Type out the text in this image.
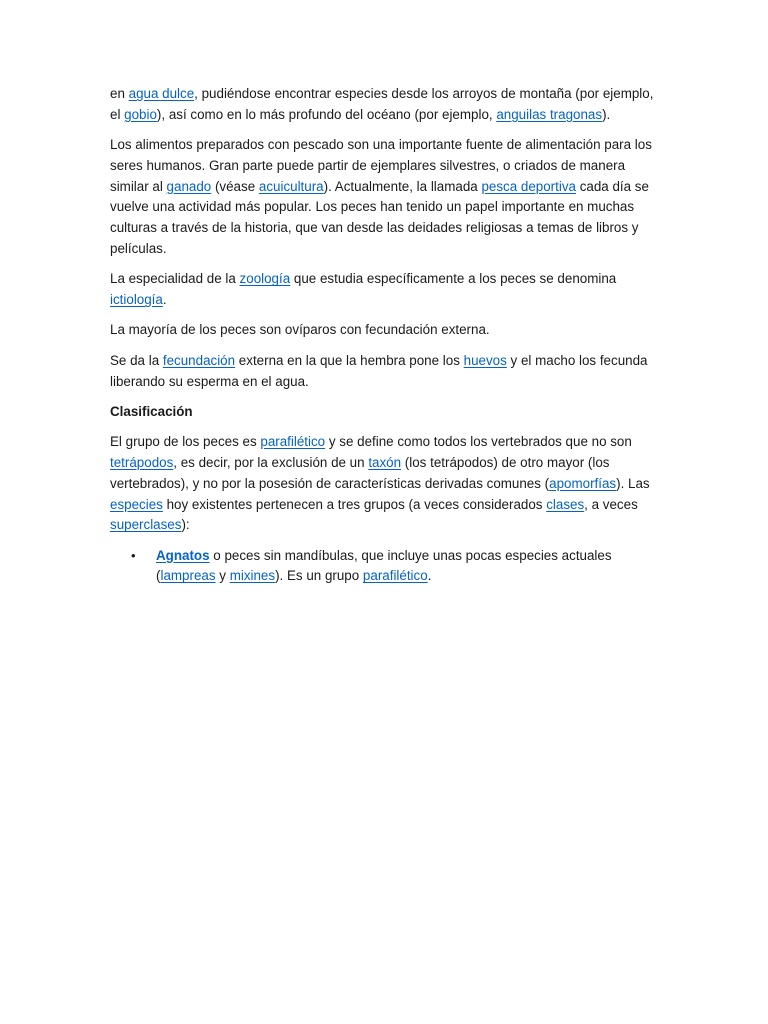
en agua dulce, pudiéndose encontrar especies desde los arroyos de montaña (por ejemplo, el gobio), así como en lo más profundo del océano (por ejemplo, anguilas tragonas).

Los alimentos preparados con pescado son una importante fuente de alimentación para los seres humanos. Gran parte puede partir de ejemplares silvestres, o criados de manera similar al ganado (véase acuicultura). Actualmente, la llamada pesca deportiva cada día se vuelve una actividad más popular. Los peces han tenido un papel importante en muchas culturas a través de la historia, que van desde las deidades religiosas a temas de libros y películas.

La especialidad de la zoología que estudia específicamente a los peces se denomina ictiología.

La mayoría de los peces son ovíparos con fecundación externa.

Se da la fecundación externa en la que la hembra pone los huevos y el macho los fecunda liberando su esperma en el agua.

Clasificación

El grupo de los peces es parafilético y se define como todos los vertebrados que no son tetrápodos, es decir, por la exclusión de un taxón (los tetrápodos) de otro mayor (los vertebrados), y no por la posesión de características derivadas comunes (apomorfías). Las especies hoy existentes pertenecen a tres grupos (a veces considerados clases, a veces superclases):

• Agnatos o peces sin mandíbulas, que incluye unas pocas especies actuales (lampreas y mixines). Es un grupo parafilético.
